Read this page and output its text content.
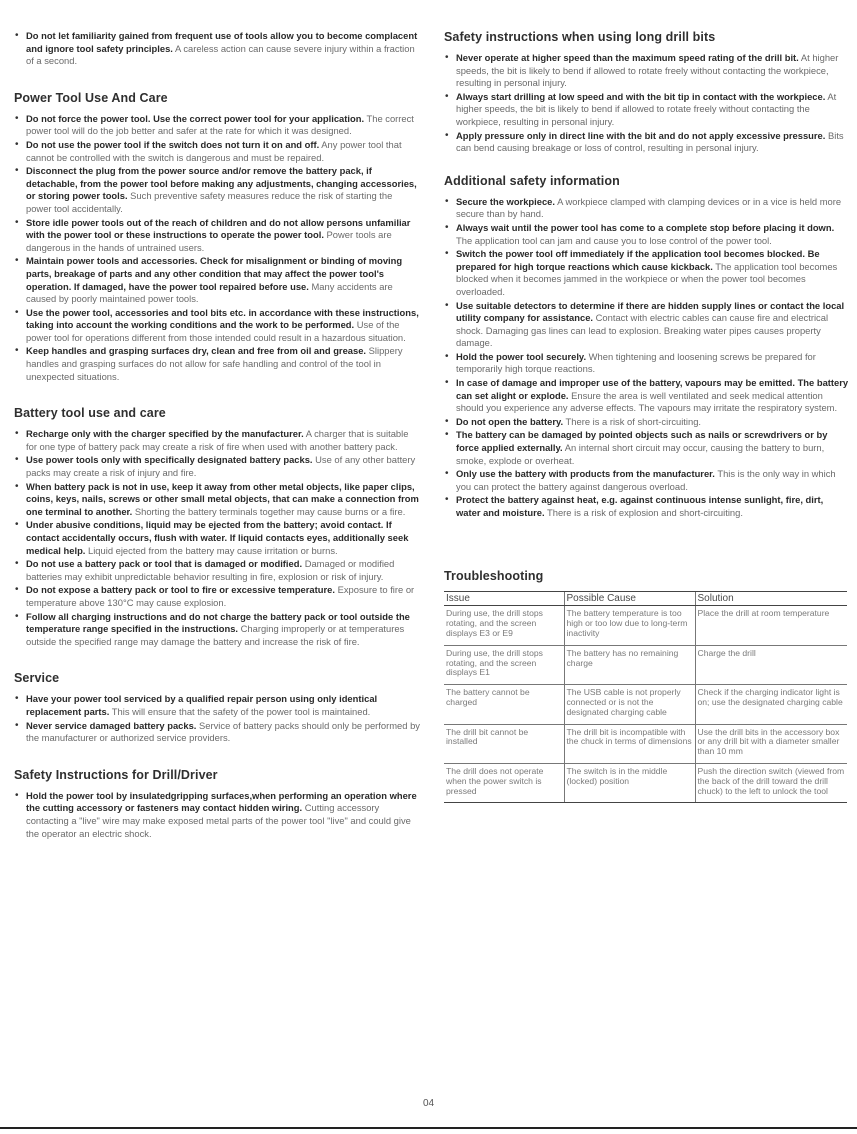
• Do not let familiarity gained from frequent use of tools allow you to become complacent and ignore tool safety principles. A careless action can cause severe injury within a fraction of a second.
Power Tool Use And Care
• Do not force the power tool. Use the correct power tool for your application. The correct power tool will do the job better and safer at the rate for which it was designed.
• Do not use the power tool if the switch does not turn it on and off. Any power tool that cannot be controlled with the switch is dangerous and must be repaired.
• Disconnect the plug from the power source and/or remove the battery pack, if detachable, from the power tool before making any adjustments, changing accessories, or storing power tools. Such preventive safety measures reduce the risk of starting the power tool accidentally.
• Store idle power tools out of the reach of children and do not allow persons unfamiliar with the power tool or these instructions to operate the power tool. Power tools are dangerous in the hands of untrained users.
• Maintain power tools and accessories. Check for misalignment or binding of moving parts, breakage of parts and any other condition that may affect the power tool's operation. If damaged, have the power tool repaired before use. Many accidents are caused by poorly maintained power tools.
• Use the power tool, accessories and tool bits etc. in accordance with these instructions, taking into account the working conditions and the work to be performed. Use of the power tool for operations different from those intended could result in a hazardous situation.
• Keep handles and grasping surfaces dry, clean and free from oil and grease. Slippery handles and grasping surfaces do not allow for safe handling and control of the tool in unexpected situations.
Battery tool use and care
• Recharge only with the charger specified by the manufacturer. A charger that is suitable for one type of battery pack may create a risk of fire when used with another battery pack.
• Use power tools only with specifically designated battery packs. Use of any other battery packs may create a risk of injury and fire.
• When battery pack is not in use, keep it away from other metal objects, like paper clips, coins, keys, nails, screws or other small metal objects, that can make a connection from one terminal to another. Shorting the battery terminals together may cause burns or a fire.
• Under abusive conditions, liquid may be ejected from the battery; avoid contact. If contact accidentally occurs, flush with water. If liquid contacts eyes, additionally seek medical help. Liquid ejected from the battery may cause irritation or burns.
• Do not use a battery pack or tool that is damaged or modified. Damaged or modified batteries may exhibit unpredictable behavior resulting in fire, explosion or risk of injury.
• Do not expose a battery pack or tool to fire or excessive temperature. Exposure to fire or temperature above 130°C may cause explosion.
• Follow all charging instructions and do not charge the battery pack or tool outside the temperature range specified in the instructions. Charging improperly or at temperatures outside the specified range may damage the battery and increase the risk of fire.
Service
• Have your power tool serviced by a qualified repair person using only identical replacement parts. This will ensure that the safety of the power tool is maintained.
• Never service damaged battery packs. Service of battery packs should only be performed by the manufacturer or authorized service providers.
Safety Instructions for Drill/Driver
• Hold the power tool by insulatedgripping surfaces,when performing an operation where the cutting accessory or fasteners may contact hidden wiring. Cutting accessory contacting a "live" wire may make exposed metal parts of the power tool "live" and could give the operator an electric shock.
Safety instructions when using long drill bits
• Never operate at higher speed than the maximum speed rating of the drill bit. At higher speeds, the bit is likely to bend if allowed to rotate freely without contacting the workpiece, resulting in personal injury.
• Always start drilling at low speed and with the bit tip in contact with the workpiece. At higher speeds, the bit is likely to bend if allowed to rotate freely without contacting the workpiece, resulting in personal injury.
• Apply pressure only in direct line with the bit and do not apply excessive pressure. Bits can bend causing breakage or loss of control, resulting in personal injury.
Additional safety information
• Secure the workpiece. A workpiece clamped with clamping devices or in a vice is held more secure than by hand.
• Always wait until the power tool has come to a complete stop before placing it down. The application tool can jam and cause you to lose control of the power tool.
• Switch the power tool off immediately if the application tool becomes blocked. Be prepared for high torque reactions which cause kickback. The application tool becomes blocked when it becomes jammed in the workpiece or when the power tool becomes overloaded.
• Use suitable detectors to determine if there are hidden supply lines or contact the local utility company for assistance. Contact with electric cables can cause fire and electrical shock. Damaging gas lines can lead to explosion. Breaking water pipes causes property damage.
• Hold the power tool securely. When tightening and loosening screws be prepared for temporarily high torque reactions.
• In case of damage and improper use of the battery, vapours may be emitted. The battery can set alight or explode. Ensure the area is well ventilated and seek medical attention should you experience any adverse effects. The vapours may irritate the respiratory system.
• Do not open the battery. There is a risk of short-circuiting.
• The battery can be damaged by pointed objects such as nails or screwdrivers or by force applied externally. An internal short circuit may occur, causing the battery to burn, smoke, explode or overheat.
• Only use the battery with products from the manufacturer. This is the only way in which you can protect the battery against dangerous overload.
• Protect the battery against heat, e.g. against continuous intense sunlight, fire, dirt, water and moisture. There is a risk of explosion and short-circuiting.
Troubleshooting
Issue	Possible Cause	Solution
During use, the drill stops rotating, and the screen displays E3 or E9	The battery temperature is too high or too low due to long-term inactivity	Place the drill at room temperature
During use, the drill stops rotating, and the screen displays E1	The battery has no remaining charge	Charge the drill
The battery cannot be charged	The USB cable is not properly connected or is not the designated charging cable	Check if the charging indicator light is on; use the designated charging cable
The drill bit cannot be installed	The drill bit is incompatible with the chuck in terms of dimensions	Use the drill bits in the accessory box or any drill bit with a diameter smaller than 10 mm
The drill does not operate when the power switch is pressed	The switch is in the middle (locked) position	Push the direction switch (viewed from the back of the drill toward the drill chuck) to the left to unlock the tool
04
